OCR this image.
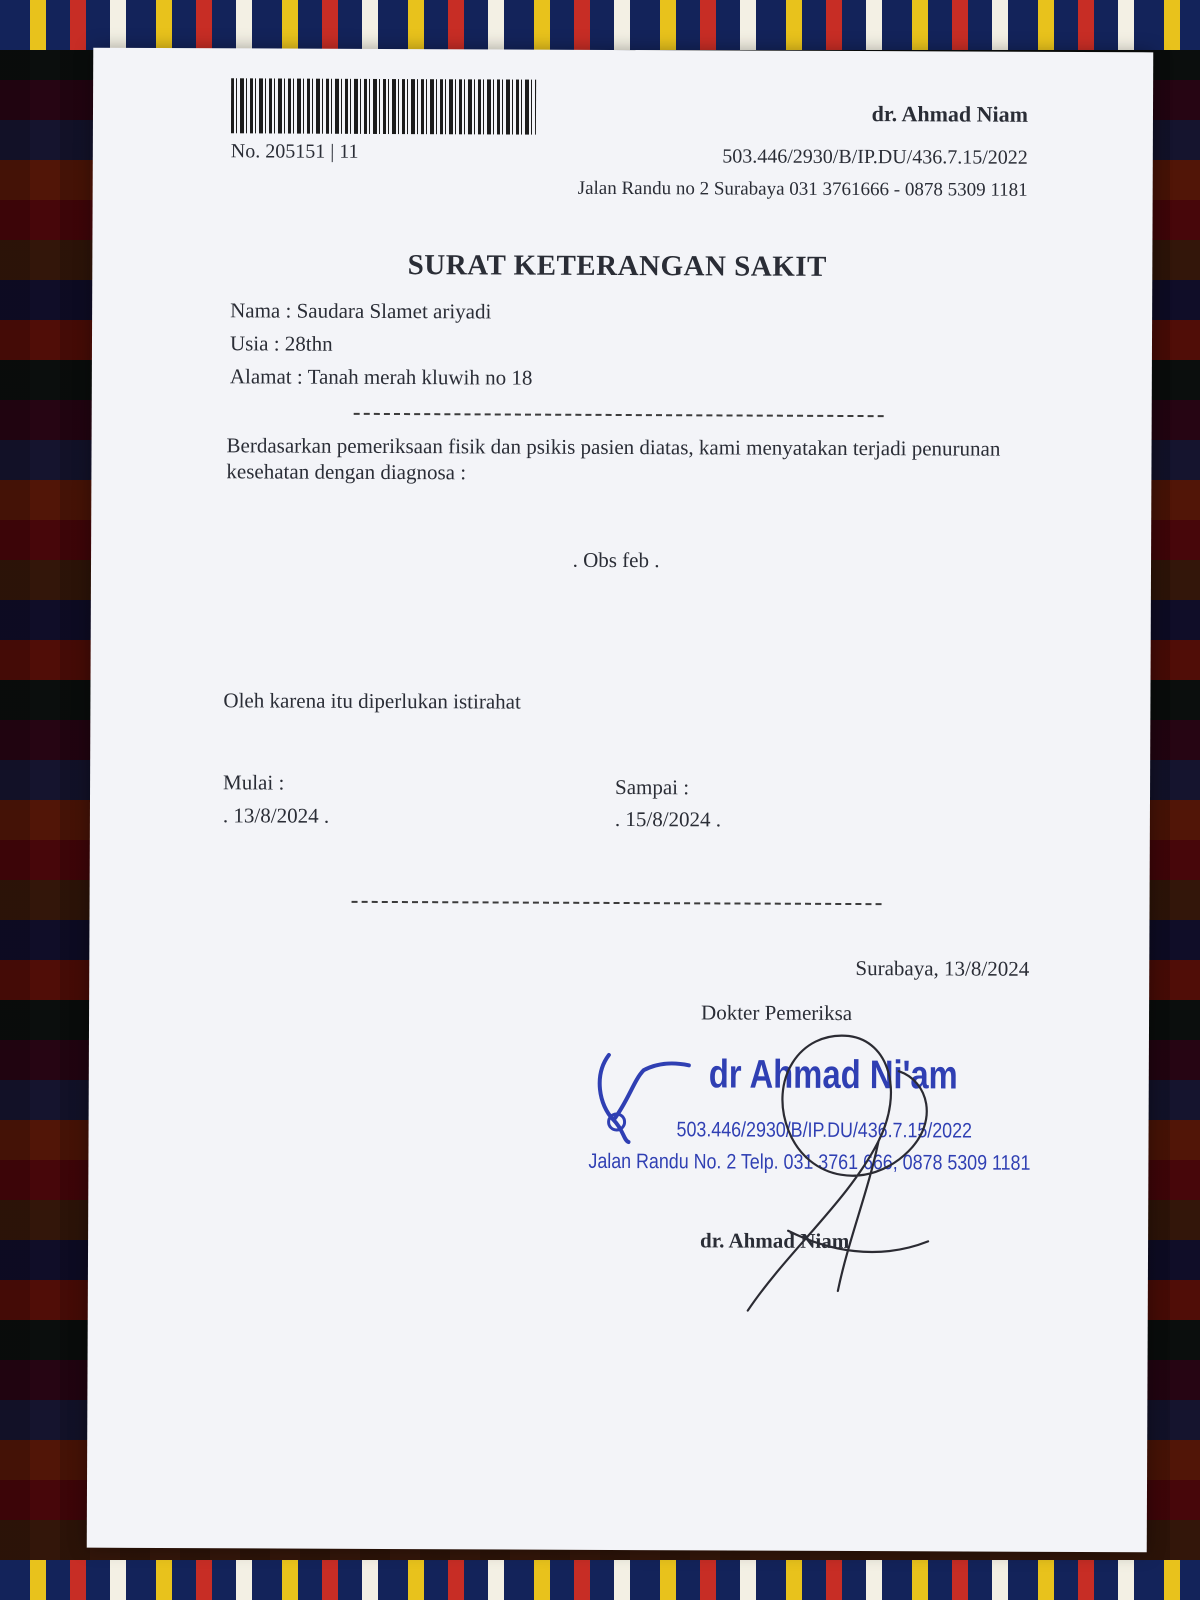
dr. Ahmad Niam
No. 205151 | 11	503.446/2930/B/IP.DU/436.7.15/2022
Jalan Randu no 2 Surabaya 031 3761666 - 0878 5309 1181
SURAT KETERANGAN SAKIT
Nama : Saudara Slamet ariyadi
Usia : 28thn
Alamat : Tanah merah kluwih no 18
Berdasarkan pemeriksaan fisik dan psikis pasien diatas, kami menyatakan terjadi penurunan kesehatan dengan diagnosa :
. Obs feb .
Oleh karena itu diperlukan istirahat
Mulai :
. 13/8/2024 .
Sampai :
. 15/8/2024 .
Surabaya, 13/8/2024
Dokter Pemeriksa
dr Ahmad Ni'am
503.446/2930/B/IP.DU/436.7.15/2022
Jalan Randu No. 2 Telp. 031 3761 666, 0878 5309 1181
dr. Ahmad Niam
